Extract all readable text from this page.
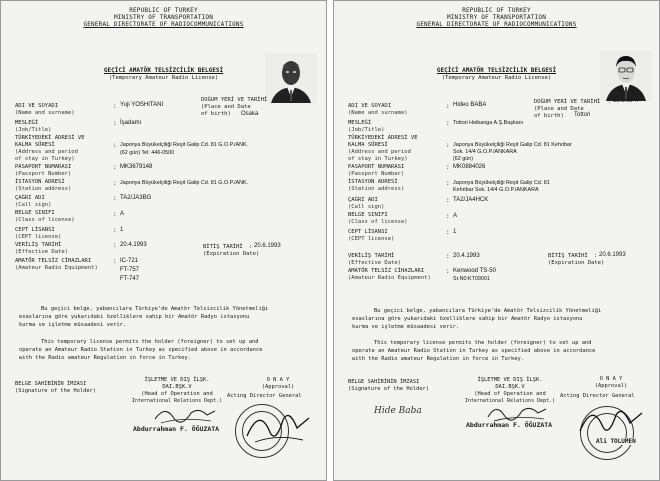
REPUBLIC OF TURKEY
MINISTRY OF TRANSPORTATION
GENERAL DIRECTORATE OF RADIOCOMMUNICATIONS
GEÇİCİ AMATÖR TELSİZCİLİK BELGESİ
(Temporary Amateur Radio License)
ADI VE SOYADI
(Name and surname)
: Yuji YOSHITANI
DOĞUM YERİ VE TARİHİ : 11.9.1936
(Place and Date
of birth) Osaka
MESLEĞİ
(Job/Title)
: İşadamı
TÜRKİYEDEKİ ADRESİ VE
KALMA SÜRESİ
(Address and period
of stay in Turkey)
: Japonya Büyükelçiliği Reşit Galip Cd. 81 G.O.P./ANK.
(62 gün) Tel: 446-0500
PASAPORT NUMARASI
(Passport Number)
: MK3679148
İSTASYON ADRESİ
(Station address)
: Japonya Büyükelçiliği Reşit Galip Cd. 81 G.O.P./ANK.
ÇAĞRI ADI
(Call sign)
: TA2/JA3BG
BELGE SINIFI
(Class of license)
: A
CEPT LİSANSI
(CEPT license)
: 1
VERİLİŞ TARİHİ
(Effective Date)
: 20.4.1993	BİTİŞ TARİHİ : 20.6.1993
(Expiration Date)
AMATÖR TELSİZ CİHAZLARI
(Amateur Radio Equipment)
: IC-721
FT-757
FT-747
Bu geçici belge, yabancılara Türkiye'de Amatör Telsizcilik Yönetmeliği
esaslarına göre yukarıdaki özelliklere sahip bir Amatör Radyo istasyonu
kurma ve işletme müsaadesi verir.
This temporary license permits the holder (foreigner) to set up and
operate an Amateur Radio Station in Turkey as specified above in accordance
with the Radio amateur Regulation in force in Turkey.
BELGE SAHİBİNİN İMZASI
(Signature of the Holder)
İŞLETME VE DIŞ İLŞK.
DAI.BŞK.V
(Head of Operation and
International Relations Dept.)
O N A Y
(Approval)
Acting Director General
Abdurrahman F. ÖĞUZATA
REPUBLIC OF TURKEY
MINISTRY OF TRANSPORTATION
GENERAL DIRECTORATE OF RADIOCOMMUNICATIONS
GEÇİCİ AMATÖR TELSİZCİLİK BELGESİ
(Temporary Amateur Radio License)
ADI VE SOYADI
(Name and surname)
: Hideo BABA	DOĞUM YERİ VE TARİHİ : 22.2.1947
(Place and Date
of birth) Tottori
MESLEĞİ
(Job/Title)
: Tottori Heibanga A.Ş.Başkanı
TÜRKİYEDEKİ ADRESİ VE
KALMA SÜRESİ
(Address and period
of stay in Turkey)
: Japonya Büyükelçiliği Reşit Galip Cd. 81 Kehribar
Sok. 14/4 G.O.P./ANKARA
(62 gün)
PASAPORT NUMARASI
(Passport Number)
: MK0884026
İSTASYON ADRESİ
(Station address)
: Japonya Büyükelçiliği Reşit Galip Cd. 81
Kehribar Sok. 14/4 G.O.P./ANKARA
ÇAĞRI ADI
(Call sign)
: TA2/JA4HCK
BELGE SINIFI
(Class of license)
: A
CEPT LİSANSI
(CEPT license)
: 1
VERİLİŞ TARİHİ
(Effective Date)
: 20.4.1993	BİTİŞ TARİHİ : 20.6.1993
(Expiration Date)
AMATÖR TELSİZ CİHAZLARI
(Amateur Radio Equipment)
: Kenwood TS-50
Sr.N0:KT09001
Bu geçici belge, yabancılara Türkiye'de Amatör Telsizcilik Yönetmeliği
esaslarına göre yukarıdaki özelliklere sahip bir Amatör Radyo istasyonu
kurma ve işletme müsaadesi verir.
This temporary license permits the holder (foreigner) to set up and
operate an Amateur Radio Station in Turkey as specified above in accordance
with the Radio amateur Regulation in force in Turkey.
BELGE SAHİBİNİN İMZASI
(Signature of the Holder)
Hide Baba
İŞLETME VE DIŞ İLŞK.
DAI.BŞK.V
(Head of Operation and
International Relations Dept.)
O N A Y
(Approval)
Acting Director General
Abdurrahman F. ÖĞUZATA
Ali TOLUMEN
